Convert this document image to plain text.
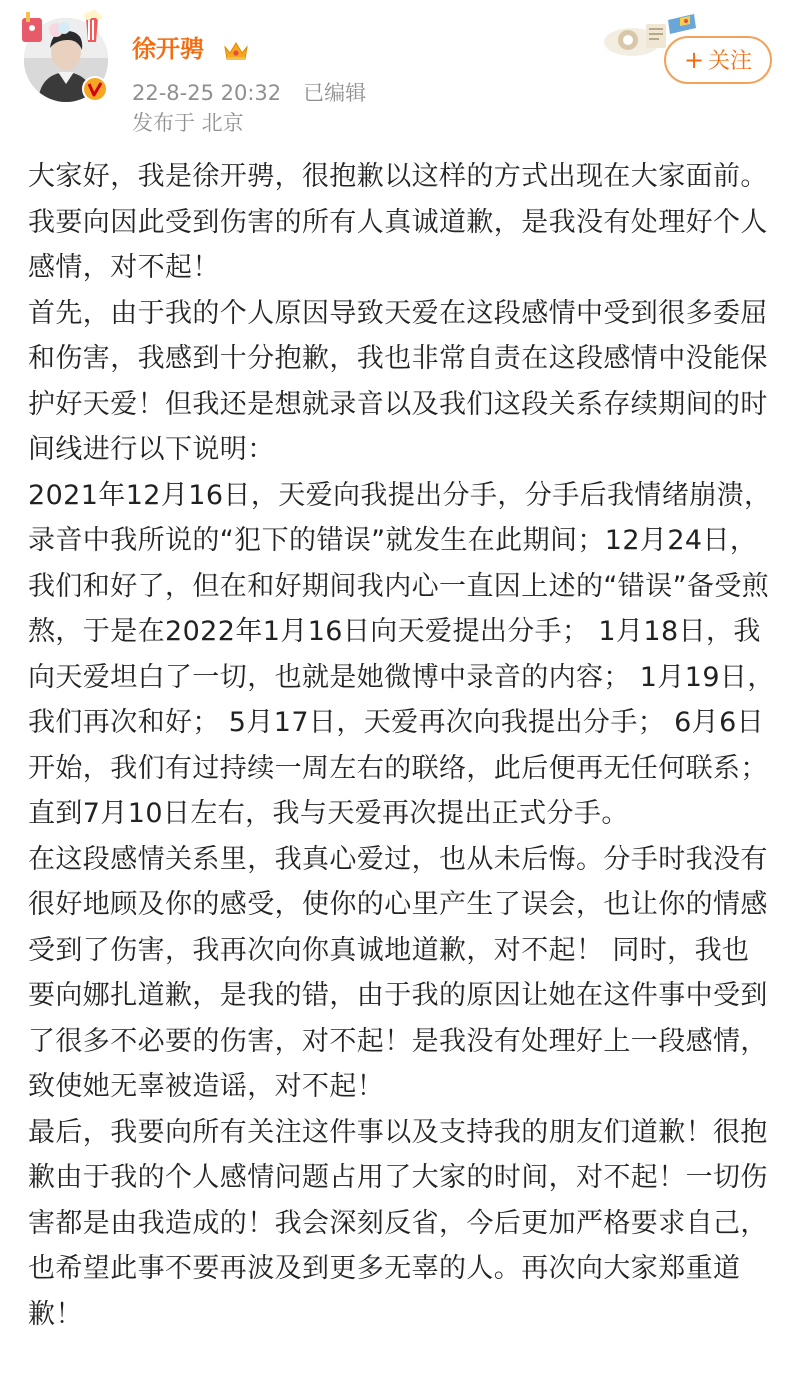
徐开骋
22-8-25 20:32 已编辑
发布于 北京
+ 关注

大家好，我是徐开骋，很抱歉以这样的方式出现在大家面前。我要向因此受到伤害的所有人真诚道歉，是我没有处理好个人感情，对不起！

首先，由于我的个人原因导致天爱在这段感情中受到很多委屈和伤害，我感到十分抱歉，我也非常自责在这段感情中没能保护好天爱！但我还是想就录音以及我们这段关系存续期间的时间线进行以下说明：

2021年12月16日，天爱向我提出分手，分手后我情绪崩溃，录音中我所说的“犯下的错误”就发生在此期间；12月24日，我们和好了，但在和好期间我内心一直因上述的“错误”备受煎熬，于是在2022年1月16日向天爱提出分手； 1月18日，我向天爱坦白了一切，也就是她微博中录音的内容； 1月19日，我们再次和好； 5月17日，天爱再次向我提出分手； 6月6日开始，我们有过持续一周左右的联络，此后便再无任何联系；直到7月10日左右，我与天爱再次提出正式分手。

在这段感情关系里，我真心爱过，也从未后悔。分手时我没有很好地顾及你的感受，使你的心里产生了误会，也让你的情感受到了伤害，我再次向你真诚地道歉，对不起！ 同时，我也要向娜扎道歉，是我的错，由于我的原因让她在这件事中受到了很多不必要的伤害，对不起！是我没有处理好上一段感情，致使她无辜被造谣，对不起！

最后，我要向所有关注这件事以及支持我的朋友们道歉！很抱歉由于我的个人感情问题占用了大家的时间，对不起！一切伤害都是由我造成的！我会深刻反省，今后更加严格要求自己，也希望此事不要再波及到更多无辜的人。再次向大家郑重道歉！
